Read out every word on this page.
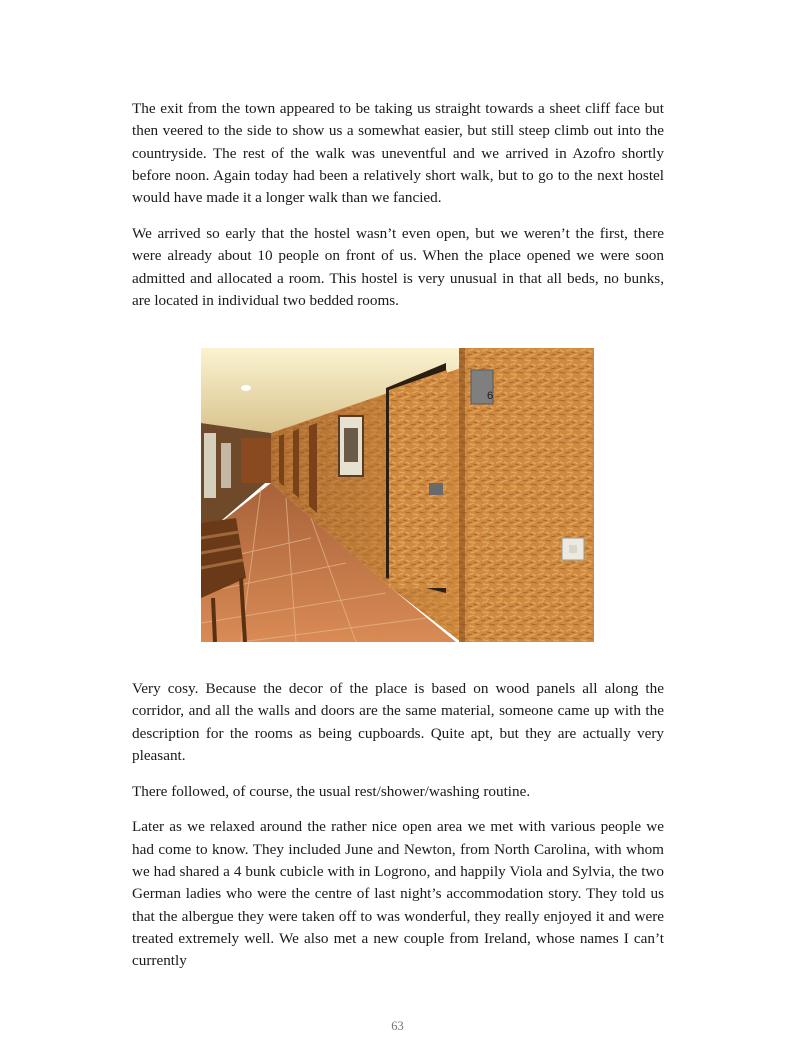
The exit from the town appeared to be taking us straight towards a sheet cliff face but then veered to the side to show us a somewhat easier, but still steep climb out into the countryside. The rest of the walk was uneventful and we arrived in Azofro shortly before noon. Again today had been a relatively short walk, but to go to the next hostel would have made it a longer walk than we fancied.

We arrived so early that the hostel wasn’t even open, but we weren’t the first, there were already about 10 people on front of us. When the place opened we were soon admitted and allocated a room. This hostel is very unusual in that all beds, no bunks, are located in individual two bedded rooms.

6

Very cosy. Because the decor of the place is based on wood panels all along the corridor, and all the walls and doors are the same material, someone came up with the description for the rooms as being cupboards. Quite apt, but they are actually very pleasant.

There followed, of course, the usual rest/shower/washing routine.

Later as we relaxed around the rather nice open area we met with various people we had come to know. They included June and Newton, from North Carolina, with whom we had shared a 4 bunk cubicle with in Logrono, and happily Viola and Sylvia, the two German ladies who were the centre of last night’s accommodation story. They told us that the albergue they were taken off to was wonderful, they really enjoyed it and were treated extremely well. We also met a new couple from Ireland, whose names I can’t currently

63
